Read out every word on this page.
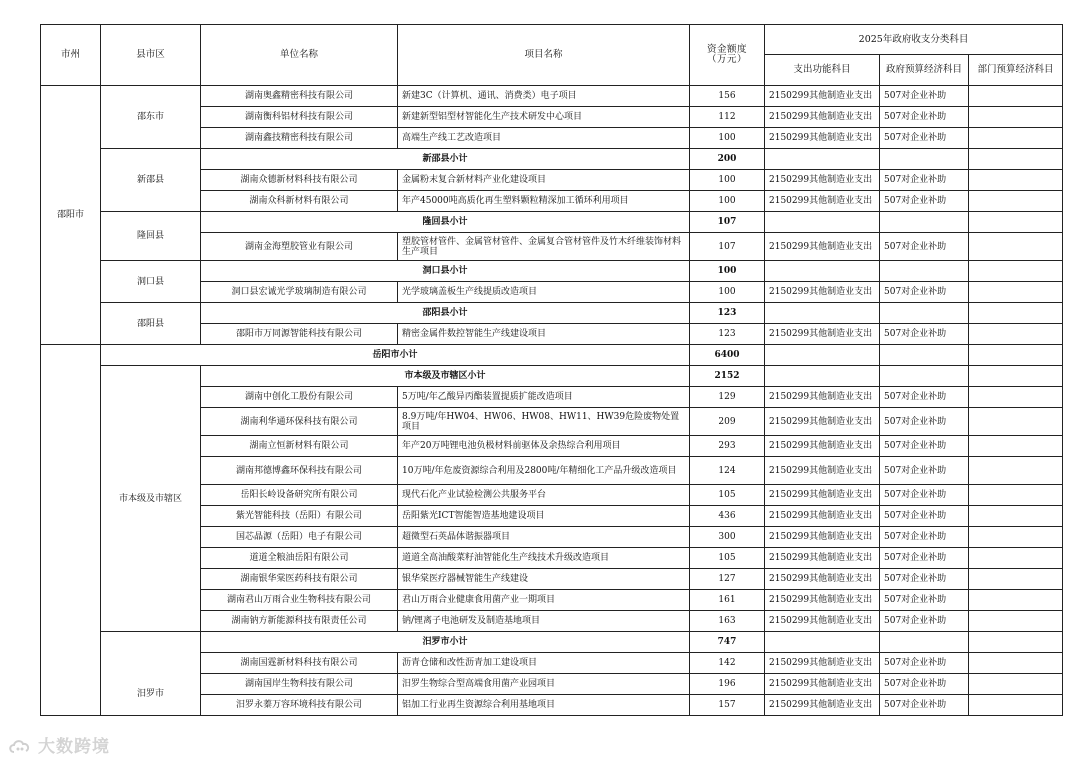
市州	县市区	单位名称	项目名称	资金额度
（万元）	2025年政府收支分类科目		
					支出功能科目	政府预算经济科目	部门预算经济科目
邵阳市	邵东市	湖南奥鑫精密科技有限公司	新建3C（计算机、通讯、消费类）电子项目	156	2150299其他制造业支出	507对企业补助	
		湖南衡科铝材科技有限公司	新建新型铝型材智能化生产技术研发中心项目	112	2150299其他制造业支出	507对企业补助	
		湖南鑫技精密科技有限公司	高端生产线工艺改造项目	100	2150299其他制造业支出	507对企业补助	
	新邵县	新邵县小计		200			
		湖南众德新材料科技有限公司	金属粉末复合新材料产业化建设项目	100	2150299其他制造业支出	507对企业补助	
		湖南众科新材料有限公司	年产45000吨高质化再生塑料颗粒精深加工循环利用项目	100	2150299其他制造业支出	507对企业补助	
	隆回县	隆回县小计		107			
		湖南金海塑胶管业有限公司	塑胶管材管件、金属管材管件、金属复合管材管件及竹木纤维装饰材料生产项目	107	2150299其他制造业支出	507对企业补助	
	洞口县	洞口县小计		100			
		洞口县宏诚光学玻璃制造有限公司	光学玻璃盖板生产线提质改造项目	100	2150299其他制造业支出	507对企业补助	
	邵阳县	邵阳县小计		123			
		邵阳市万同源智能科技有限公司	精密金属件数控智能生产线建设项目	123	2150299其他制造业支出	507对企业补助	
	岳阳市小计			6400			
	市本级及市辖区	市本级及市辖区小计		2152			
		湖南中创化工股份有限公司	5万吨/年乙酸异丙酯装置提质扩能改造项目	129	2150299其他制造业支出	507对企业补助	
		湖南利华通环保科技有限公司	8.9万吨/年HW04、HW06、HW08、HW11、HW39危险废物处置项目	209	2150299其他制造业支出	507对企业补助	
		湖南立恒新材料有限公司	年产20万吨锂电池负极材料前驱体及余热综合利用项目	293	2150299其他制造业支出	507对企业补助	
		湖南邦德博鑫环保科技有限公司	10万吨/年危废资源综合利用及2800吨/年精细化工产品升级改造项目	124	2150299其他制造业支出	507对企业补助	
		岳阳长岭设备研究所有限公司	现代石化产业试验检测公共服务平台	105	2150299其他制造业支出	507对企业补助	
		紫光智能科技（岳阳）有限公司	岳阳紫光ICT智能智造基地建设项目	436	2150299其他制造业支出	507对企业补助	
		国芯晶源（岳阳）电子有限公司	超微型石英晶体谐振器项目	300	2150299其他制造业支出	507对企业补助	
		道道全粮油岳阳有限公司	道道全高油酸菜籽油智能化生产线技术升级改造项目	105	2150299其他制造业支出	507对企业补助	
		湖南银华棠医药科技有限公司	银华棠医疗器械智能生产线建设	127	2150299其他制造业支出	507对企业补助	
		湖南君山万雨合业生物科技有限公司	君山万雨合业健康食用菌产业一期项目	161	2150299其他制造业支出	507对企业补助	
		湖南钠方新能源科技有限责任公司	钠/锂离子电池研发及制造基地项目	163	2150299其他制造业支出	507对企业补助	
	汨罗市	汨罗市小计		747			
		湖南国霆新材料科技有限公司	沥青仓储和改性沥青加工建设项目	142	2150299其他制造业支出	507对企业补助	
		湖南国岸生物科技有限公司	汨罗生物综合型高端食用菌产业园项目	196	2150299其他制造业支出	507对企业补助	
		汨罗永蓁万容环境科技有限公司	铝加工行业再生资源综合利用基地项目	157	2150299其他制造业支出	507对企业补助	
大数跨境
